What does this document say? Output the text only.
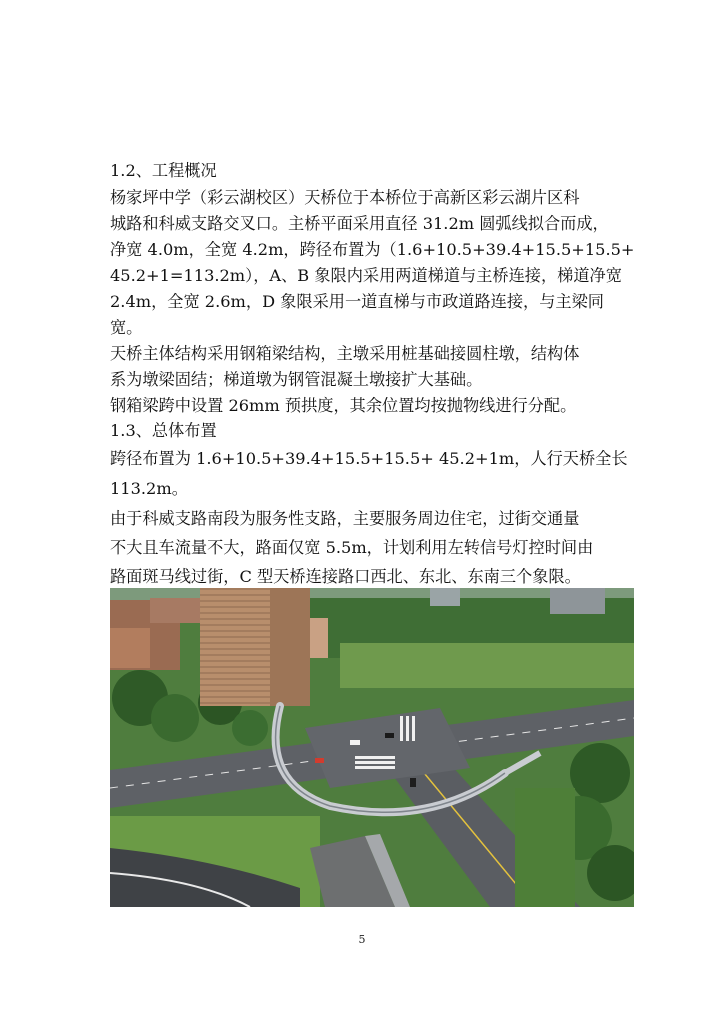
1.2、工程概况

杨家坪中学（彩云湖校区）天桥位于本桥位于高新区彩云湖片区科

城路和科威支路交叉口。主桥平面采用直径 31.2m 圆弧线拟合而成，

净宽 4.0m，全宽 4.2m，跨径布置为（1.6+10.5+39.4+15.5+15.5+

45.2+1=113.2m），A、B 象限内采用两道梯道与主桥连接，梯道净宽

2.4m，全宽 2.6m，D 象限采用一道直梯与市政道路连接，与主梁同

宽。

天桥主体结构采用钢箱梁结构，主墩采用桩基础接圆柱墩，结构体

系为墩梁固结；梯道墩为钢管混凝土墩接扩大基础。

钢箱梁跨中设置 26mm 预拱度，其余位置均按抛物线进行分配。

1.3、总体布置

跨径布置为 1.6+10.5+39.4+15.5+15.5+ 45.2+1m，人行天桥全长

113.2m。

由于科威支路南段为服务性支路，主要服务周边住宅，过街交通量

不大且车流量不大，路面仅宽 5.5m，计划利用左转信号灯控时间由

路面斑马线过街，C 型天桥连接路口西北、东北、东南三个象限。

5
